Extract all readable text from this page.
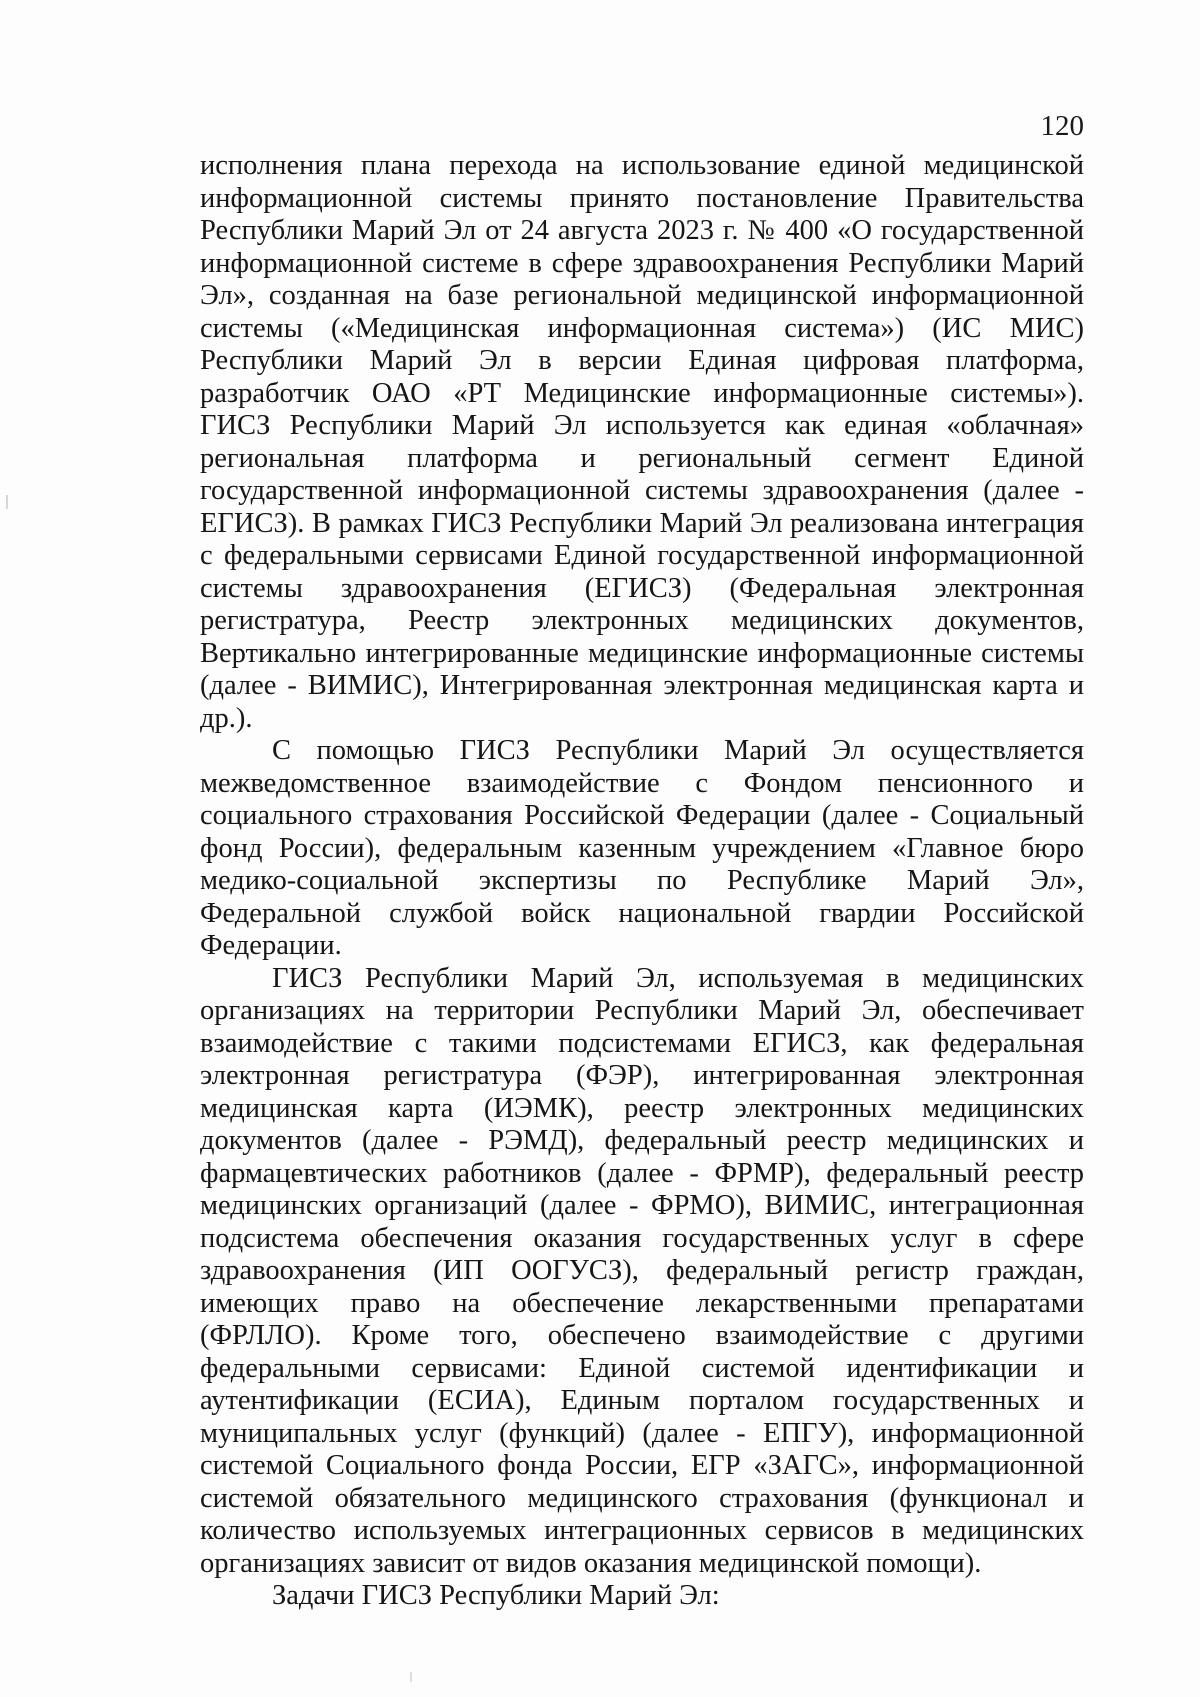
120

исполнения плана перехода на использование единой медицинской информационной системы принято постановление Правительства Республики Марий Эл от 24 августа 2023 г. № 400 «О государственной информационной системе в сфере здравоохранения Республики Марий Эл», созданная на базе региональной медицинской информационной системы («Медицинская информационная система») (ИС МИС) Республики Марий Эл в версии Единая цифровая платформа, разработчик ОАО «РТ Медицинские информационные системы»). ГИСЗ Республики Марий Эл используется как единая «облачная» региональная платформа и региональный сегмент Единой государственной информационной системы здравоохранения (далее - ЕГИСЗ). В рамках ГИСЗ Республики Марий Эл реализована интеграция с федеральными сервисами Единой государственной информационной системы здравоохранения (ЕГИСЗ) (Федеральная электронная регистратура, Реестр электронных медицинских документов, Вертикально интегрированные медицинские информационные системы (далее - ВИМИС), Интегрированная электронная медицинская карта и др.).

С помощью ГИСЗ Республики Марий Эл осуществляется межведомственное взаимодействие с Фондом пенсионного и социального страхования Российской Федерации (далее - Социальный фонд России), федеральным казенным учреждением «Главное бюро медико-социальной экспертизы по Республике Марий Эл», Федеральной службой войск национальной гвардии Российской Федерации.

ГИСЗ Республики Марий Эл, используемая в медицинских организациях на территории Республики Марий Эл, обеспечивает взаимодействие с такими подсистемами ЕГИСЗ, как федеральная электронная регистратура (ФЭР), интегрированная электронная медицинская карта (ИЭМК), реестр электронных медицинских документов (далее - РЭМД), федеральный реестр медицинских и фармацевтических работников (далее - ФРМР), федеральный реестр медицинских организаций (далее - ФРМО), ВИМИС, интеграционная подсистема обеспечения оказания государственных услуг в сфере здравоохранения (ИП ООГУСЗ), федеральный регистр граждан, имеющих право на обеспечение лекарственными препаратами (ФРЛЛО). Кроме того, обеспечено взаимодействие с другими федеральными сервисами: Единой системой идентификации и аутентификации (ЕСИА), Единым порталом государственных и муниципальных услуг (функций) (далее - ЕПГУ), информационной системой Социального фонда России, ЕГР «ЗАГС», информационной системой обязательного медицинского страхования (функционал и количество используемых интеграционных сервисов в медицинских организациях зависит от видов оказания медицинской помощи).

Задачи ГИСЗ Республики Марий Эл:
